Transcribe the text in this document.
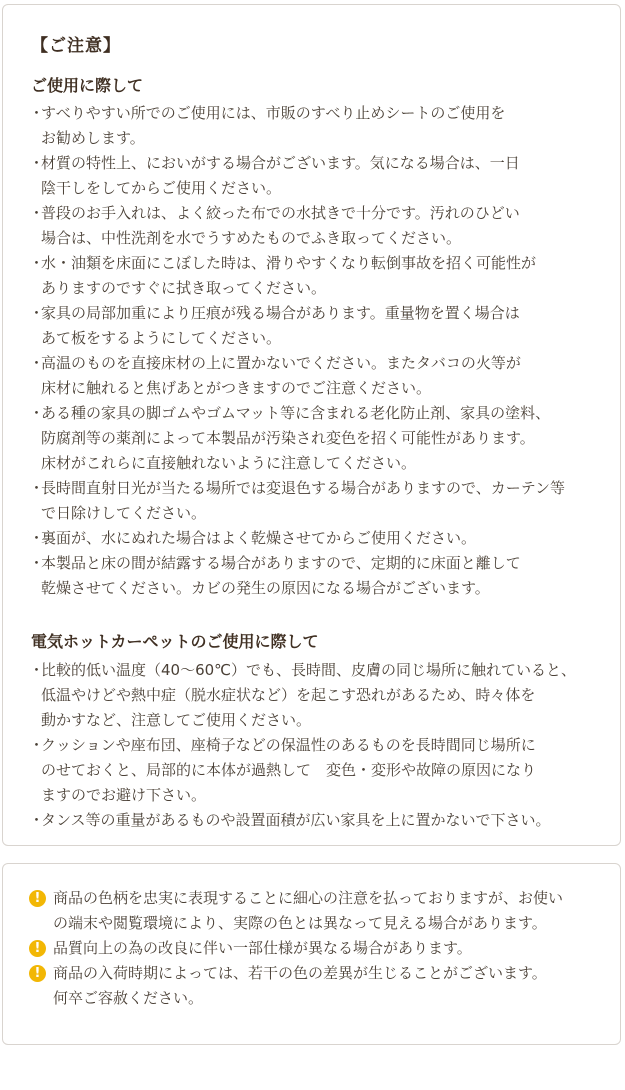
【ご注意】
ご使用に際して
・
すべりやすい所でのご使用には、市販のすべり止めシートのご使用を
お勧めします。
・
材質の特性上、においがする場合がございます。気になる場合は、一日
陰干しをしてからご使用ください。
・
普段のお手入れは、よく絞った布での水拭きで十分です。汚れのひどい
場合は、中性洗剤を水でうすめたものでふき取ってください。
・
水・油類を床面にこぼした時は、滑りやすくなり転倒事故を招く可能性が
ありますのですぐに拭き取ってください。
・
家具の局部加重により圧痕が残る場合があります。重量物を置く場合は
あて板をするようにしてください。
・
高温のものを直接床材の上に置かないでください。またタバコの火等が
床材に触れると焦げあとがつきますのでご注意ください。
・
ある種の家具の脚ゴムやゴムマット等に含まれる老化防止剤、家具の塗料、
防腐剤等の薬剤によって本製品が汚染され変色を招く可能性があります。
床材がこれらに直接触れないように注意してください。
・
長時間直射日光が当たる場所では変退色する場合がありますので、カーテン等
で日除けしてください。
・
裏面が、水にぬれた場合はよく乾燥させてからご使用ください。
・
本製品と床の間が結露する場合がありますので、定期的に床面と離して
乾燥させてください。カビの発生の原因になる場合がございます。
電気ホットカーペットのご使用に際して
・
比較的低い温度（40～60℃）でも、長時間、皮膚の同じ場所に触れていると、
低温やけどや熱中症（脱水症状など）を起こす恐れがあるため、時々体を
動かすなど、注意してご使用ください。
・
クッションや座布団、座椅子などの保温性のあるものを長時間同じ場所に
のせておくと、局部的に本体が過熱して　変色・変形や故障の原因になり
ますのでお避け下さい。
・
タンス等の重量があるものや設置面積が広い家具を上に置かないで下さい。
! 商品の色柄を忠実に表現することに細心の注意を払っておりますが、お使い
の端末や閲覧環境により、実際の色とは異なって見える場合があります。
! 品質向上の為の改良に伴い一部仕様が異なる場合があります。
! 商品の入荷時期によっては、若干の色の差異が生じることがございます。
何卒ご容赦ください。
